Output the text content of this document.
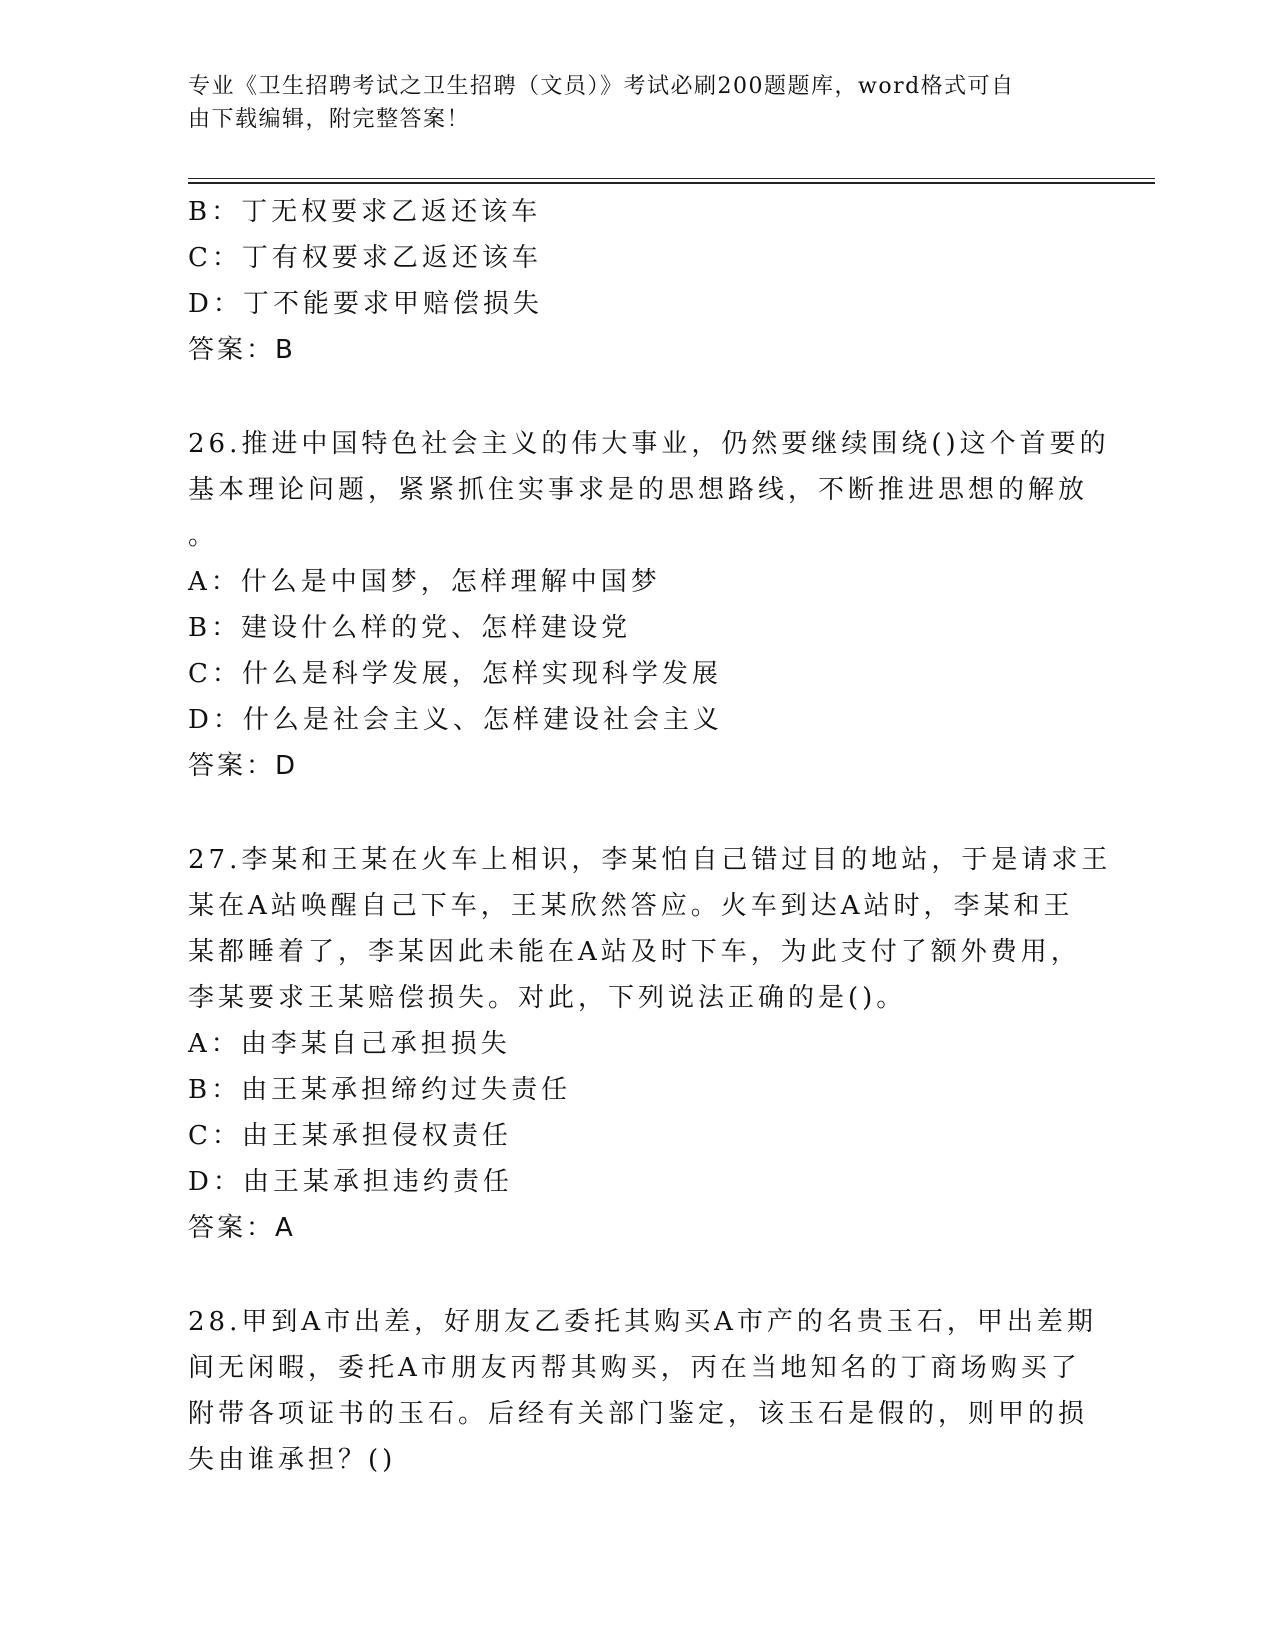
专业《卫生招聘考试之卫生招聘（文员）》考试必刷200题题库，word格式可自
由下载编辑，附完整答案！
B：丁无权要求乙返还该车
C：丁有权要求乙返还该车
D：丁不能要求甲赔偿损失
答案：B
26.推进中国特色社会主义的伟大事业，仍然要继续围绕()这个首要的
基本理论问题，紧紧抓住实事求是的思想路线，不断推进思想的解放
。
A：什么是中国梦，怎样理解中国梦
B：建设什么样的党、怎样建设党
C：什么是科学发展，怎样实现科学发展
D：什么是社会主义、怎样建设社会主义
答案：D
27.李某和王某在火车上相识，李某怕自己错过目的地站，于是请求王
某在A站唤醒自己下车，王某欣然答应。火车到达A站时，李某和王
某都睡着了，李某因此未能在A站及时下车，为此支付了额外费用，
李某要求王某赔偿损失。对此，下列说法正确的是()。
A：由李某自己承担损失
B：由王某承担缔约过失责任
C：由王某承担侵权责任
D：由王某承担违约责任
答案：A
28.甲到A市出差，好朋友乙委托其购买A市产的名贵玉石，甲出差期
间无闲暇，委托A市朋友丙帮其购买，丙在当地知名的丁商场购买了
附带各项证书的玉石。后经有关部门鉴定，该玉石是假的，则甲的损
失由谁承担？()
